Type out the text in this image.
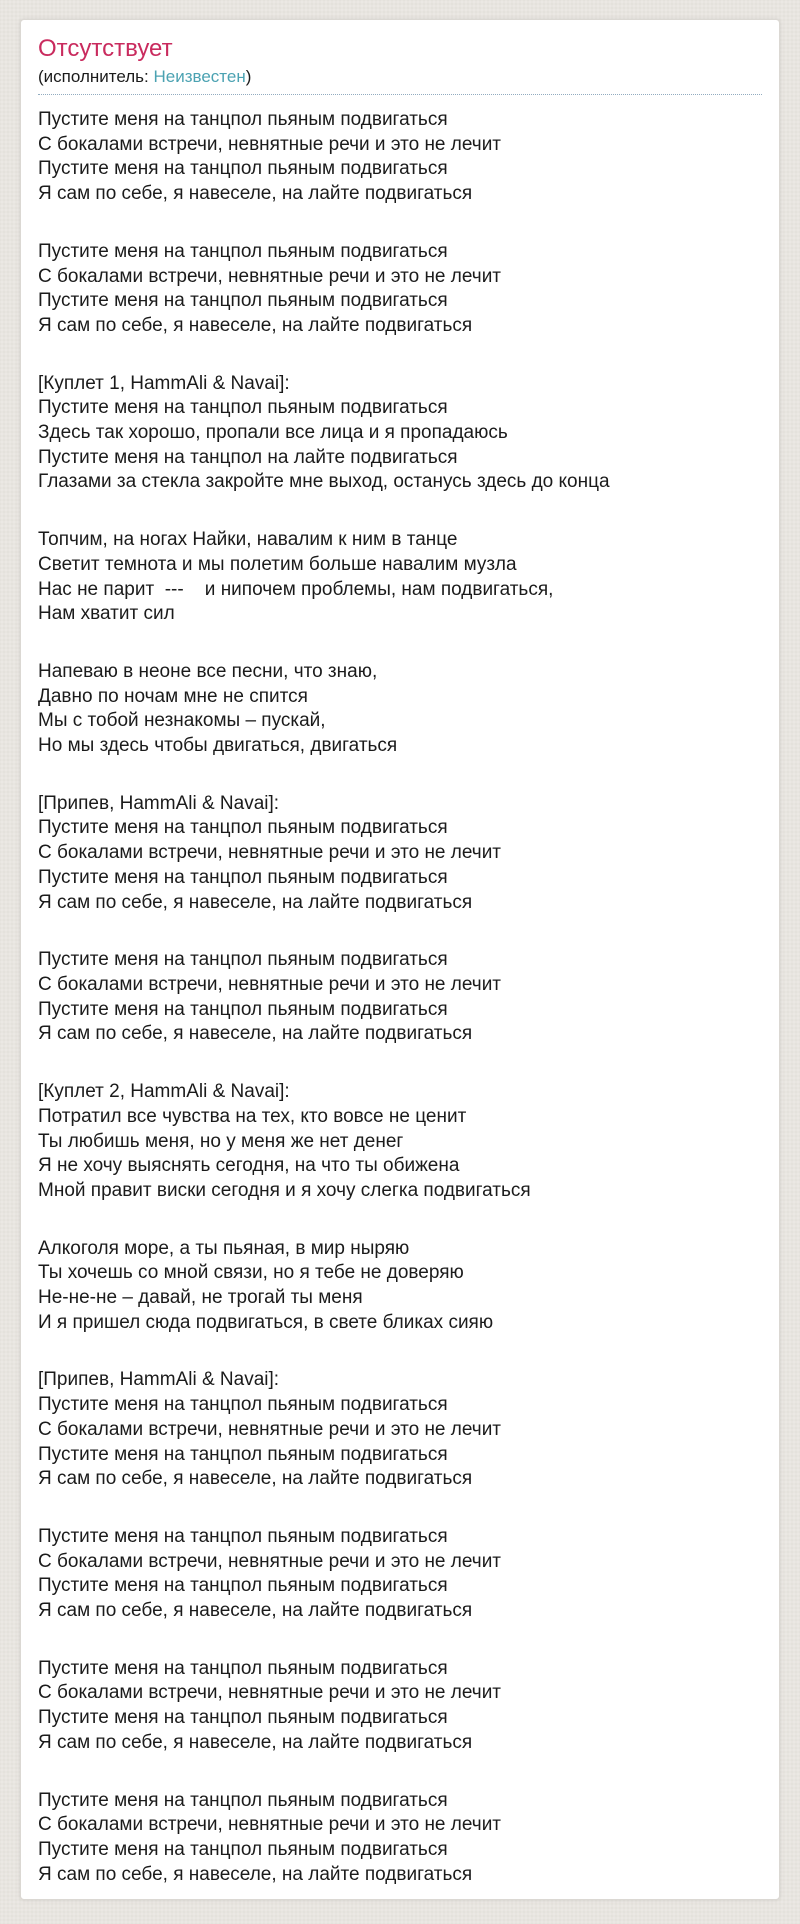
Отсутствует
(исполнитель: Неизвестен)
Пустите меня на танцпол пьяным подвигаться
С бокалами встречи, невнятные речи и это не лечит
Пустите меня на танцпол пьяным подвигаться
Я сам по себе, я навеселе, на лайте подвигаться
Пустите меня на танцпол пьяным подвигаться
С бокалами встречи, невнятные речи и это не лечит
Пустите меня на танцпол пьяным подвигаться
Я сам по себе, я навеселе, на лайте подвигаться
[Куплет 1, HammAli & Navai]:
Пустите меня на танцпол пьяным подвигаться
Здесь так хорошо, пропали все лица и я пропадаюсь
Пустите меня на танцпол на лайте подвигаться
Глазами за стекла закройте мне выход, останусь здесь до конца
Топчим, на ногах Найки, навалим к ним в танце
Светит темнота и мы полетим больше навалим музла
Нас не парит  ---    и нипочем проблемы, нам подвигаться,
Нам хватит сил
Напеваю в неоне все песни, что знаю,
Давно по ночам мне не спится
Мы с тобой незнакомы – пускай,
Но мы здесь чтобы двигаться, двигаться
[Припев, HammAli & Navai]:
Пустите меня на танцпол пьяным подвигаться
С бокалами встречи, невнятные речи и это не лечит
Пустите меня на танцпол пьяным подвигаться
Я сам по себе, я навеселе, на лайте подвигаться
Пустите меня на танцпол пьяным подвигаться
С бокалами встречи, невнятные речи и это не лечит
Пустите меня на танцпол пьяным подвигаться
Я сам по себе, я навеселе, на лайте подвигаться
[Куплет 2, HammAli & Navai]:
Потратил все чувства на тех, кто вовсе не ценит
Ты любишь меня, но у меня же нет денег
Я не хочу выяснять сегодня, на что ты обижена
Мной правит виски сегодня и я хочу слегка подвигаться
Алкоголя море, а ты пьяная, в мир ныряю
Ты хочешь со мной связи, но я тебе не доверяю
Не-не-не – давай, не трогай ты меня
И я пришел сюда подвигаться, в свете бликах сияю
[Припев, HammAli & Navai]:
Пустите меня на танцпол пьяным подвигаться
С бокалами встречи, невнятные речи и это не лечит
Пустите меня на танцпол пьяным подвигаться
Я сам по себе, я навеселе, на лайте подвигаться
Пустите меня на танцпол пьяным подвигаться
С бокалами встречи, невнятные речи и это не лечит
Пустите меня на танцпол пьяным подвигаться
Я сам по себе, я навеселе, на лайте подвигаться
Пустите меня на танцпол пьяным подвигаться
С бокалами встречи, невнятные речи и это не лечит
Пустите меня на танцпол пьяным подвигаться
Я сам по себе, я навеселе, на лайте подвигаться
Пустите меня на танцпол пьяным подвигаться
С бокалами встречи, невнятные речи и это не лечит
Пустите меня на танцпол пьяным подвигаться
Я сам по себе, я навеселе, на лайте подвигаться
